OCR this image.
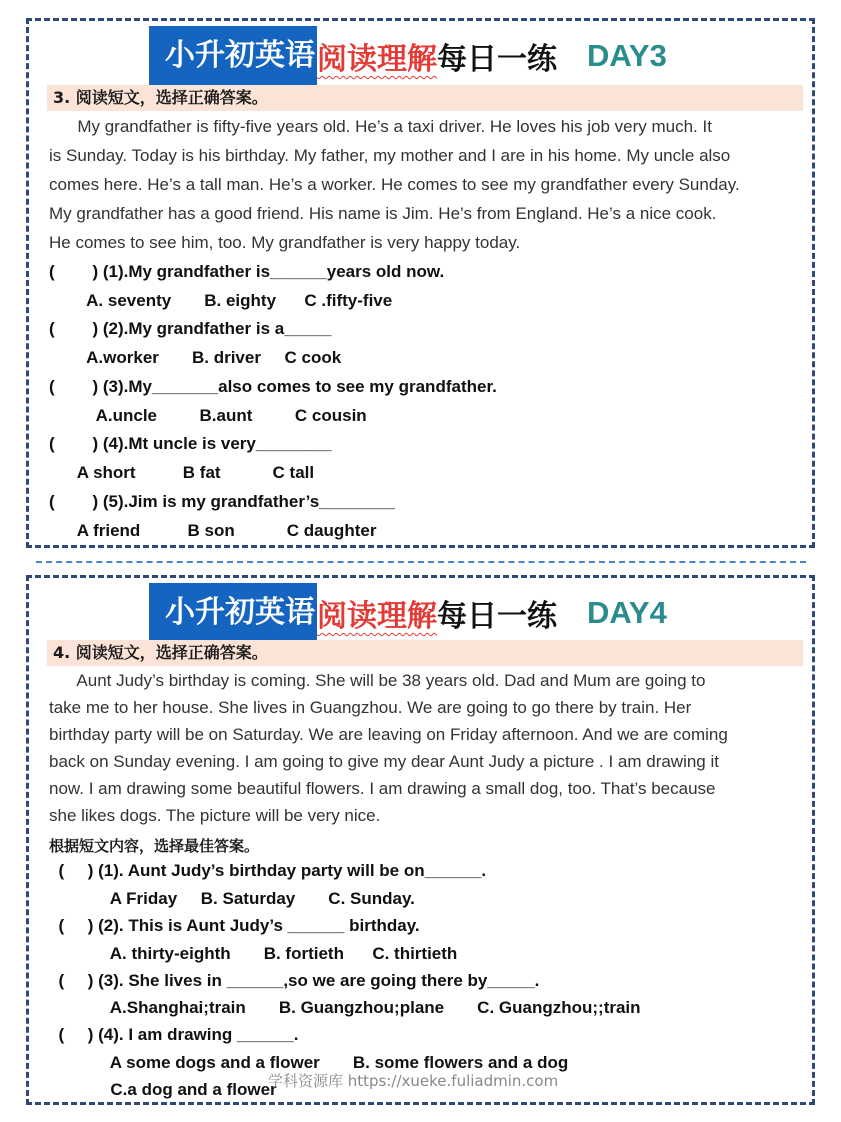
小升初英语 阅读理解 每日一练 DAY3
3. 阅读短文，选择正确答案。
My grandfather is fifty-five years old. He’s a taxi driver. He loves his job very much. It
is Sunday. Today is his birthday. My father, my mother and I are in his home. My uncle also
comes here. He’s a tall man. He’s a worker. He comes to see my grandfather every Sunday.
My grandfather has a good friend. His name is Jim. He’s from England. He’s a nice cook.
He comes to see him, too. My grandfather is very happy today.
(        ) (1).My grandfather is______years old now.
A. seventy       B. eighty      C .fifty-five
(        ) (2).My grandfather is a_____
A.worker       B. driver     C cook
(        ) (3).My_______also comes to see my grandfather.
A.uncle         B.aunt         C cousin
(        ) (4).Mt uncle is very________
A short          B fat           C tall
(        ) (5).Jim is my grandfather’s________
A friend          B son           C daughter
小升初英语 阅读理解 每日一练 DAY4
4. 阅读短文，选择正确答案。
Aunt Judy’s birthday is coming. She will be 38 years old. Dad and Mum are going to
take me to her house. She lives in Guangzhou. We are going to go there by train. Her
birthday party will be on Saturday. We are leaving on Friday afternoon. And we are coming
back on Sunday evening. I am going to give my dear Aunt Judy a picture . I am drawing it
now. I am drawing some beautiful flowers. I am drawing a small dog, too. That’s because
she likes dogs. The picture will be very nice.
根据短文内容，选择最佳答案。
(     ) (1). Aunt Judy’s birthday party will be on______.
A Friday     B. Saturday       C. Sunday.
(     ) (2). This is Aunt Judy’s ______ birthday.
A. thirty-eighth       B. fortieth      C. thirtieth
(     ) (3). She lives in ______,so we are going there by_____.
A.Shanghai;train       B. Guangzhou;plane       C. Guangzhou;;train
(     ) (4). I am drawing ______.
A some dogs and a flower       B. some flowers and a dog
C.a dog and a flower
学科资源库 https://xueke.fuliadmin.com
